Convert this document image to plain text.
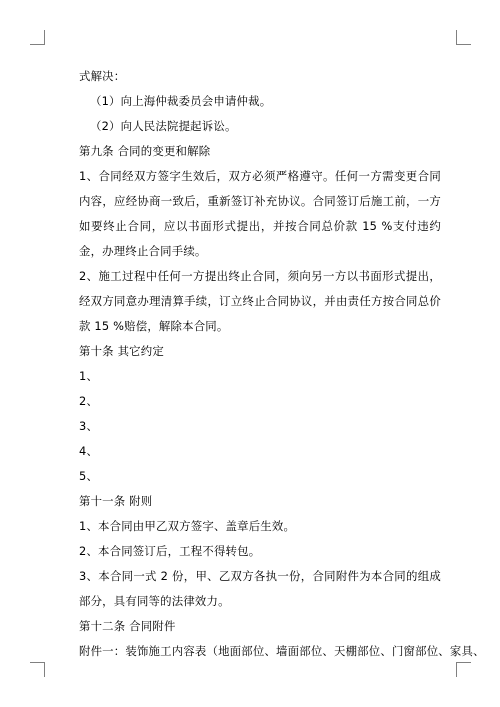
式解决：

（1）向上海仲裁委员会申请仲裁。

（2）向人民法院提起诉讼。

第九条 合同的变更和解除

1、合同经双方签字生效后，双方必须严格遵守。任何一方需变更合同内容，应经协商一致后，重新签订补充协议。合同签订后施工前，一方如要终止合同，应以书面形式提出，并按合同总价款 15 %支付违约金，办理终止合同手续。

2、施工过程中任何一方提出终止合同，须向另一方以书面形式提出，经双方同意办理清算手续，订立终止合同协议，并由责任方按合同总价款 15 %赔偿，解除本合同。

第十条 其它约定

1、

2、

3、

4、

5、

第十一条 附则

1、本合同由甲乙双方签字、盖章后生效。

2、本合同签订后，工程不得转包。

3、本合同一式 2 份，甲、乙双方各执一份，合同附件为本合同的组成部分，具有同等的法律效力。

第十二条 合同附件

附件一：装饰施工内容表（地面部位、墙面部位、天棚部位、门窗部位、家具、
